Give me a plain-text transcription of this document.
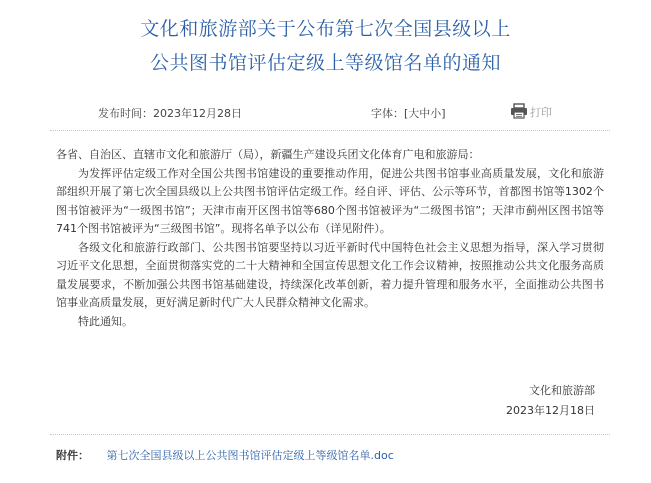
文化和旅游部关于公布第七次全国县级以上
公共图书馆评估定级上等级馆名单的通知
发布时间：2023年12月28日	字体：[大中小]	打印

各省、自治区、直辖市文化和旅游厅（局），新疆生产建设兵团文化体育广电和旅游局：

为发挥评估定级工作对全国公共图书馆建设的重要推动作用，促进公共图书馆事业高质量发展，文化和旅游部组织开展了第七次全国县级以上公共图书馆评估定级工作。经自评、评估、公示等环节，首都图书馆等1302个图书馆被评为“一级图书馆”；天津市南开区图书馆等680个图书馆被评为“二级图书馆”；天津市蓟州区图书馆等741个图书馆被评为“三级图书馆”。现将名单予以公布（详见附件）。

各级文化和旅游行政部门、公共图书馆要坚持以习近平新时代中国特色社会主义思想为指导，深入学习贯彻习近平文化思想，全面贯彻落实党的二十大精神和全国宣传思想文化工作会议精神，按照推动公共文化服务高质量发展要求，不断加强公共图书馆基础建设，持续深化改革创新，着力提升管理和服务水平，全面推动公共图书馆事业高质量发展，更好满足新时代广大人民群众精神文化需求。

特此通知。

文化和旅游部
2023年12月18日
附件： 第七次全国县级以上公共图书馆评估定级上等级馆名单.doc
